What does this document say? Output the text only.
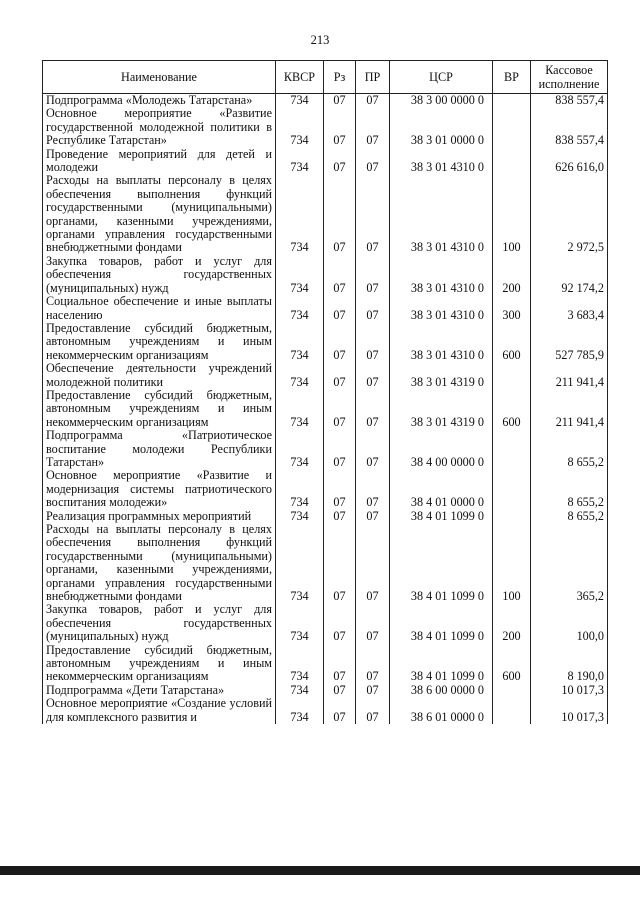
213
Наименование	КВСР	Рз	ПР	ЦСР	ВР	Кассовое исполнение
Подпрограмма «Молодежь Татарстана»	734	07	07	38 3 00 0000 0		838 557,4
Основное мероприятие «Развитие государственной молодежной политики в Республике Татарстан»	734	07	07	38 3 01 0000 0		838 557,4
Проведение мероприятий для детей и молодежи	734	07	07	38 3 01 4310 0		626 616,0
Расходы на выплаты персоналу в целях обеспечения выполнения функций государственными (муниципальными) органами, казенными учреждениями, органами управления государственными внебюджетными фондами	734	07	07	38 3 01 4310 0	100	2 972,5
Закупка товаров, работ и услуг для обеспечения государственных (муниципальных) нужд	734	07	07	38 3 01 4310 0	200	92 174,2
Социальное обеспечение и иные выплаты населению	734	07	07	38 3 01 4310 0	300	3 683,4
Предоставление субсидий бюджетным, автономным учреждениям и иным некоммерческим организациям	734	07	07	38 3 01 4310 0	600	527 785,9
Обеспечение деятельности учреждений молодежной политики	734	07	07	38 3 01 4319 0		211 941,4
Предоставление субсидий бюджетным, автономным учреждениям и иным некоммерческим организациям	734	07	07	38 3 01 4319 0	600	211 941,4
Подпрограмма «Патриотическое воспитание молодежи Республики Татарстан»	734	07	07	38 4 00 0000 0		8 655,2
Основное мероприятие «Развитие и модернизация системы патриотического воспитания молодежи»	734	07	07	38 4 01 0000 0		8 655,2
Реализация программных мероприятий	734	07	07	38 4 01 1099 0		8 655,2
Расходы на выплаты персоналу в целях обеспечения выполнения функций государственными (муниципальными) органами, казенными учреждениями, органами управления государственными внебюджетными фондами	734	07	07	38 4 01 1099 0	100	365,2
Закупка товаров, работ и услуг для обеспечения государственных (муниципальных) нужд	734	07	07	38 4 01 1099 0	200	100,0
Предоставление субсидий бюджетным, автономным учреждениям и иным некоммерческим организациям	734	07	07	38 4 01 1099 0	600	8 190,0
Подпрограмма «Дети Татарстана»	734	07	07	38 6 00 0000 0		10 017,3
Основное мероприятие «Создание условий для комплексного развития и	734	07	07	38 6 01 0000 0		10 017,3
